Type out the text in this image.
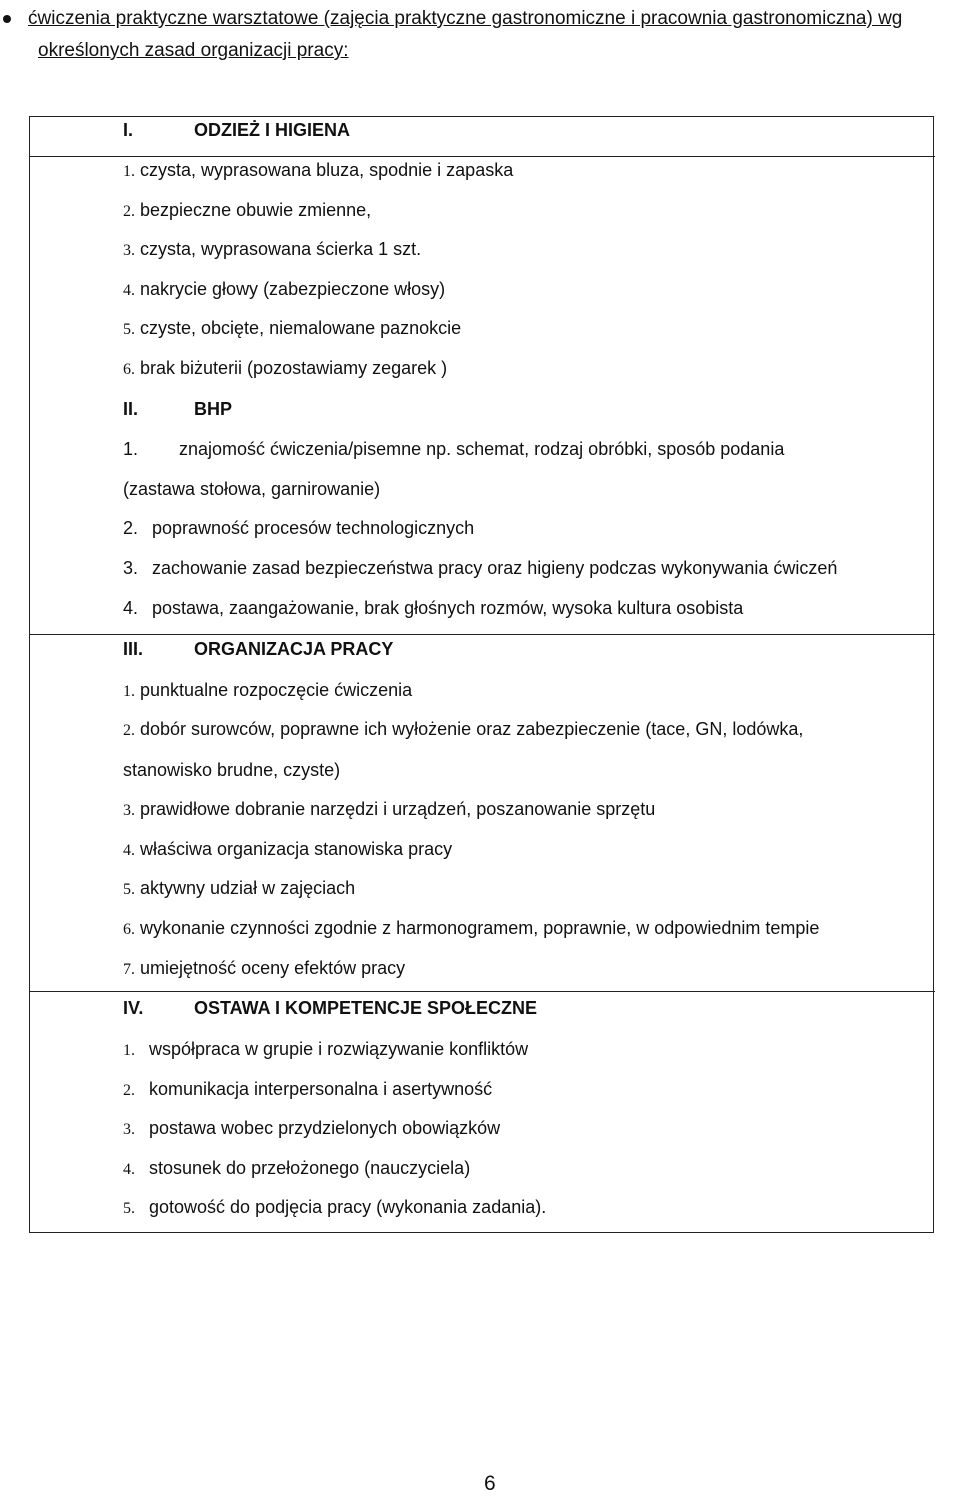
ćwiczenia praktyczne warsztatowe (zajęcia praktyczne gastronomiczne i pracownia gastronomiczna) wg
określonych zasad organizacji pracy:
I.	ODZIEŻ I HIGIENA
1. czysta, wyprasowana bluza, spodnie i zapaska
2. bezpieczne obuwie zmienne,
3. czysta, wyprasowana ścierka 1 szt.
4. nakrycie głowy (zabezpieczone włosy)
5. czyste, obcięte, niemalowane paznokcie
6. brak biżuterii (pozostawiamy zegarek )
II.	BHP
1. znajomość ćwiczenia/pisemne np. schemat, rodzaj obróbki, sposób podania
(zastawa stołowa, garnirowanie)
2. poprawność procesów technologicznych
3. zachowanie zasad bezpieczeństwa pracy oraz higieny podczas wykonywania ćwiczeń
4. postawa, zaangażowanie, brak głośnych rozmów, wysoka kultura osobista
III.	ORGANIZACJA PRACY
1. punktualne rozpoczęcie ćwiczenia
2. dobór surowców, poprawne ich wyłożenie oraz zabezpieczenie (tace, GN, lodówka,
stanowisko brudne, czyste)
3. prawidłowe dobranie narzędzi i urządzeń, poszanowanie sprzętu
4. właściwa organizacja stanowiska pracy
5. aktywny udział w zajęciach
6. wykonanie czynności zgodnie z harmonogramem, poprawnie, w odpowiednim tempie
7. umiejętność oceny efektów pracy
IV.	OSTAWA I KOMPETENCJE SPOŁECZNE
1. współpraca w grupie i rozwiązywanie konfliktów
2. komunikacja interpersonalna i asertywność
3. postawa wobec przydzielonych obowiązków
4. stosunek do przełożonego (nauczyciela)
5. gotowość do podjęcia pracy (wykonania zadania).
6
